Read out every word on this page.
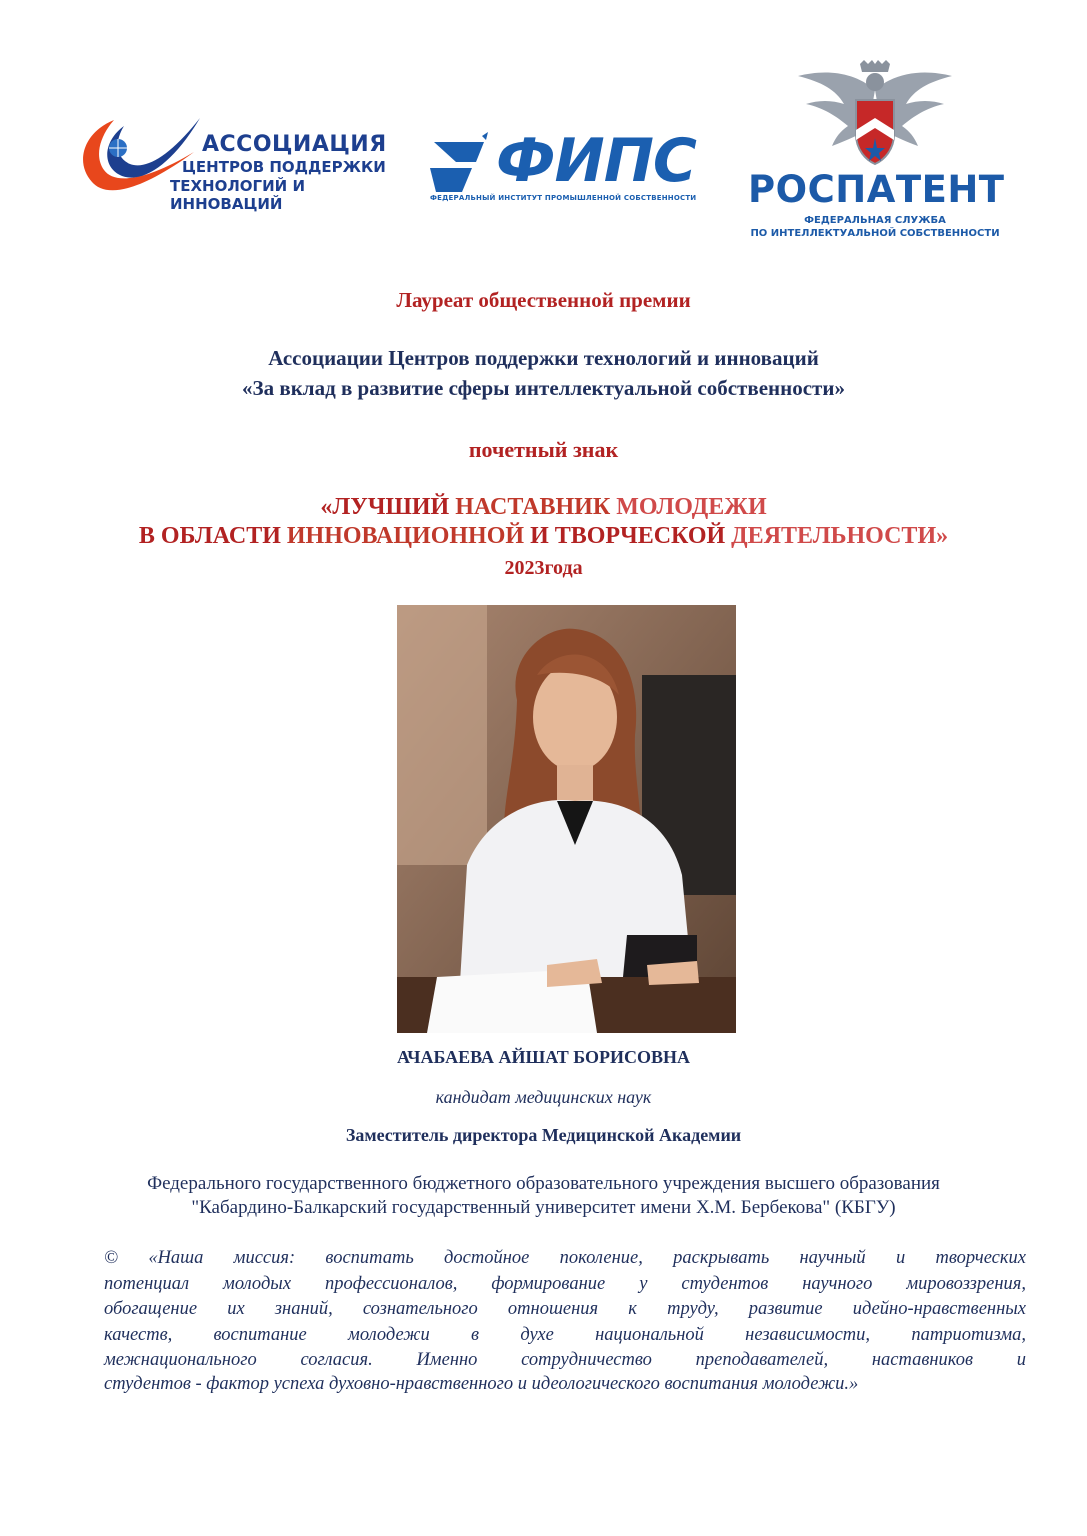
АССОЦИАЦИЯ
ЦЕНТРОВ ПОДДЕРЖКИ
ТЕХНОЛОГИЙ И ИННОВАЦИЙ
ФИПС
ФЕДЕРАЛЬНЫЙ ИНСТИТУТ ПРОМЫШЛЕННОЙ СОБСТВЕННОСТИ РОСПАТЕНТ
ФЕДЕРАЛЬНАЯ СЛУЖБА
ПО ИНТЕЛЛЕКТУАЛЬНОЙ СОБСТВЕННОСТИ
Лауреат общественной премии
Ассоциации Центров поддержки технологий и инноваций
«За вклад в развитие сферы интеллектуальной собственности»
почетный знак
«ЛУЧШИЙ НАСТАВНИК МОЛОДЕЖИ
В ОБЛАСТИ ИННОВАЦИОННОЙ И ТВОРЧЕСКОЙ ДЕЯТЕЛЬНОСТИ»
2023года
АЧАБАЕВА АЙШАТ БОРИСОВНА
кандидат медицинских наук
Заместитель директора Медицинской Академии
Федерального государственного бюджетного образовательного учреждения высшего образования
"Кабардино-Балкарский государственный университет имени Х.М. Бербекова" (КБГУ)
© «Наша миссия: воспитать достойное поколение, раскрывать научный и творческих
потенциал молодых профессионалов, формирование у студентов научного мировоззрения,
обогащение их знаний, сознательного отношения к труду, развитие идейно-нравственных
качеств, воспитание молодежи в духе национальной независимости, патриотизма,
межнационального согласия. Именно сотрудничество преподавателей, наставников и
студентов - фактор успеха духовно-нравственного и идеологического воспитания молодежи.»
